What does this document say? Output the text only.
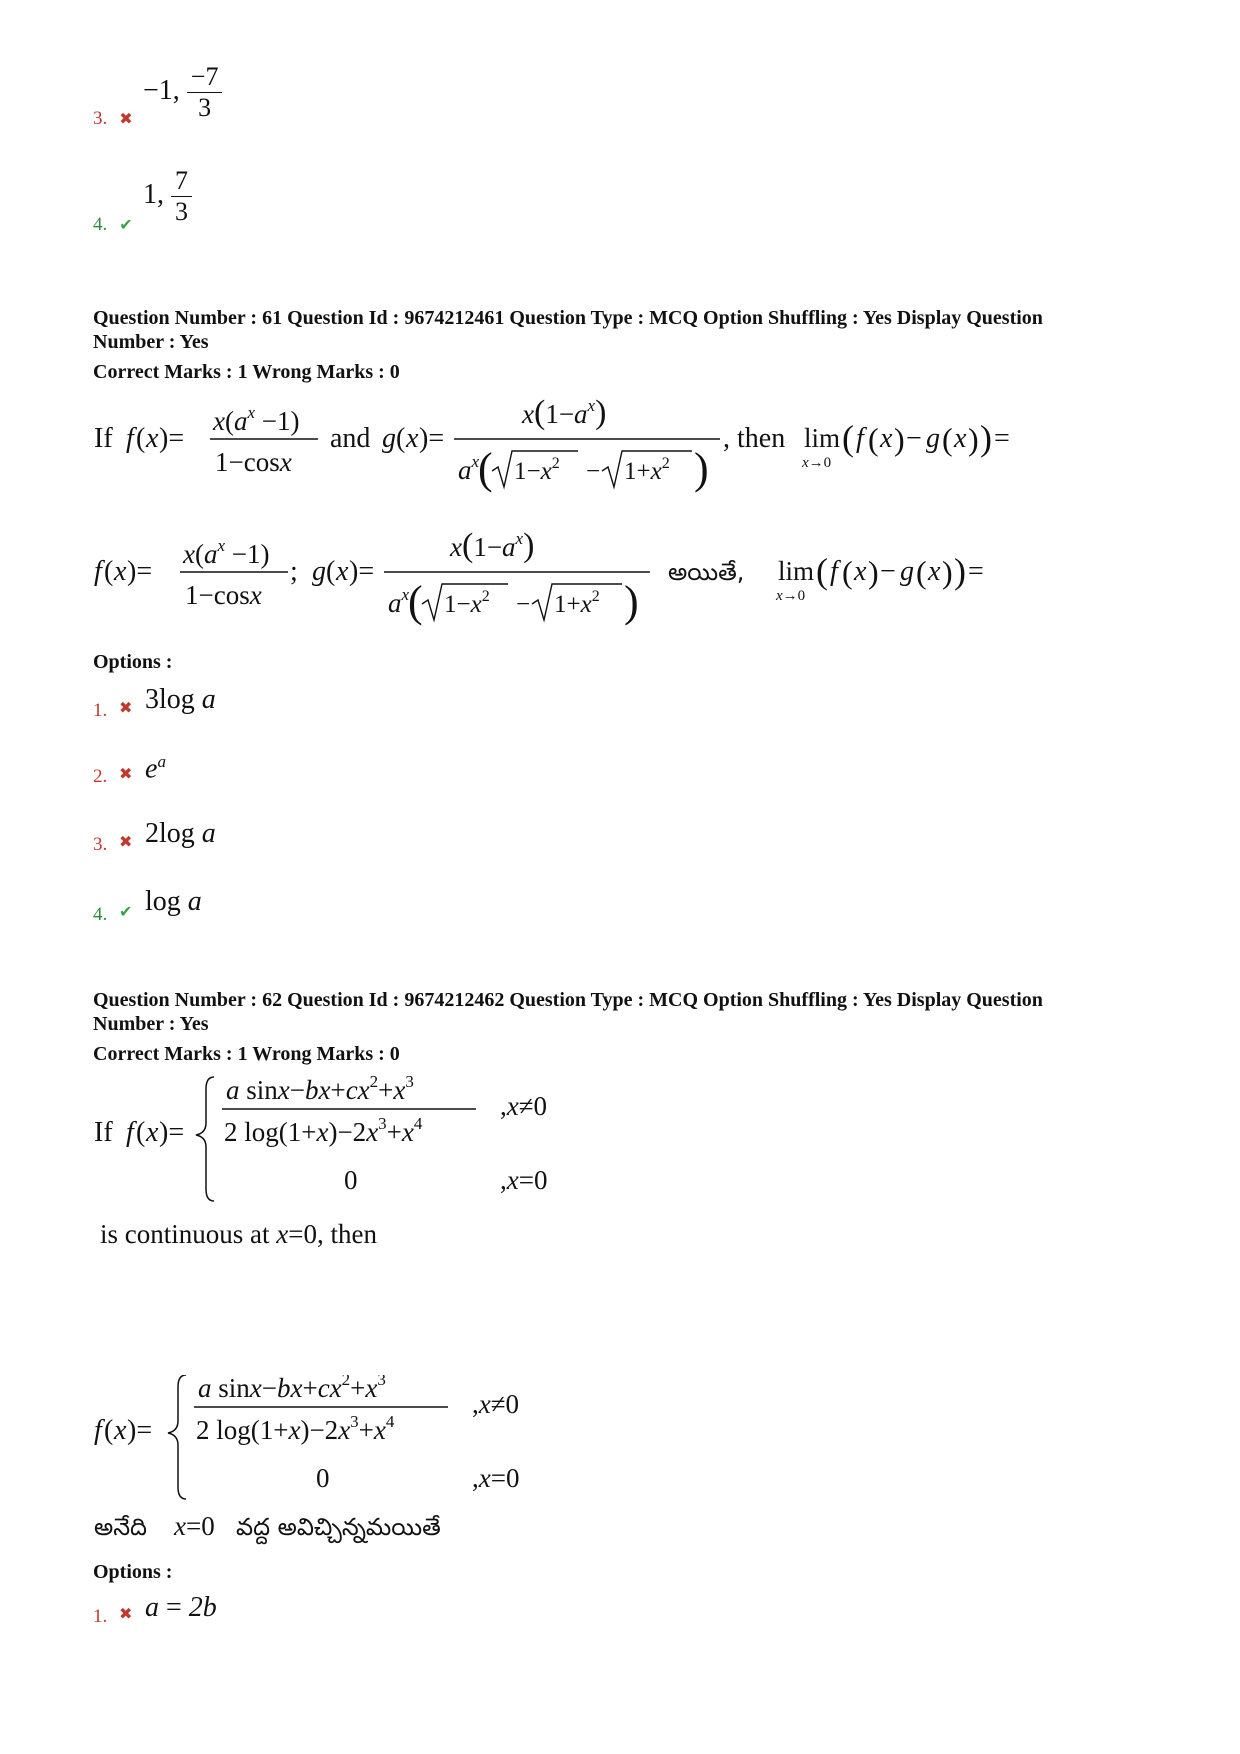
3. ✖
−1, $\frac{-7}{3}$
4. ✔
1, $\frac{7}{3}$
Question Number : 61 Question Id : 9674212461 Question Type : MCQ Option Shuffling : Yes Display Question
Number : Yes
Correct Marks : 1 Wrong Marks : 0
If f ( x )=
$x(a^x -1)$
1−cosx
and g ( x )=
$x(1-a^x)$
$a^x$
( $1-x^2 - 1+x^2$ )
, then lim
x→0
( f ( x ) − g ( x ) ) =
f ( x )=
$x(a^x -1)$
1−cosx
; g ( x )=
$x(1-a^x)$
$a^x$
( $1-x^2 - 1+x^2$ )
అయితే, lim
x→0
( f ( x ) − g ( x ) ) =
Options :
1. ✖ 3log a
2. ✖ $e^a$
3. ✖ 2log a
4. ✔ log a
Question Number : 62 Question Id : 9674212462 Question Type : MCQ Option Shuffling : Yes Display Question
Number : Yes
Correct Marks : 1 Wrong Marks : 0
If f ( x )=
a $\sin x-bx+cx^2+x^3$
2 $\log(1+x)-2x^3+x^4$
,x≠0
0	,x=0
is continuous at x=0, then
f ( x )=
a $\sin x-bx+cx^2+x^3$
2 $\log(1+x)-2x^3+x^4$
,x≠0
0	,x=0
అనేది x=0 వద్ద అవిచ్చిన్నమయితే
Options :
1. ✖ a = 2b
